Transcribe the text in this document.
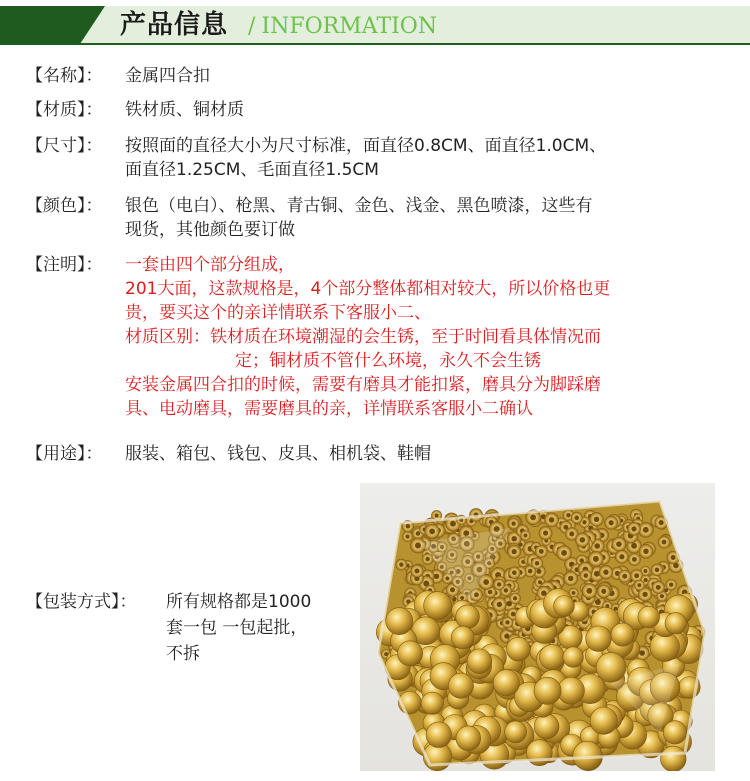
产品信息 / INFORMATION
【名称】：	金属四合扣
【材质】：	铁材质、铜材质
【尺寸】：	按照面的直径大小为尺寸标准，面直径0.8CM、面直径1.0CM、
面直径1.25CM、毛面直径1.5CM
【颜色】：	银色（电白）、枪黑、青古铜、金色、浅金、黑色喷漆，这些有
现货，其他颜色要订做
【注明】：	一套由四个部分组成，
201大面，这款规格是，4个部分整体都相对较大，所以价格也更
贵，要买这个的亲详情联系下客服小二、
材质区别：铁材质在环境潮湿的会生锈，至于时间看具体情况而
定；铜材质不管什么环境，永久不会生锈
安装金属四合扣的时候，需要有磨具才能扣紧，磨具分为脚踩磨
具、电动磨具，需要磨具的亲，详情联系客服小二确认
【用途】：	服装、箱包、钱包、皮具、相机袋、鞋帽
【包装方式】： 所有规格都是1000
套一包 一包起批，
不拆
